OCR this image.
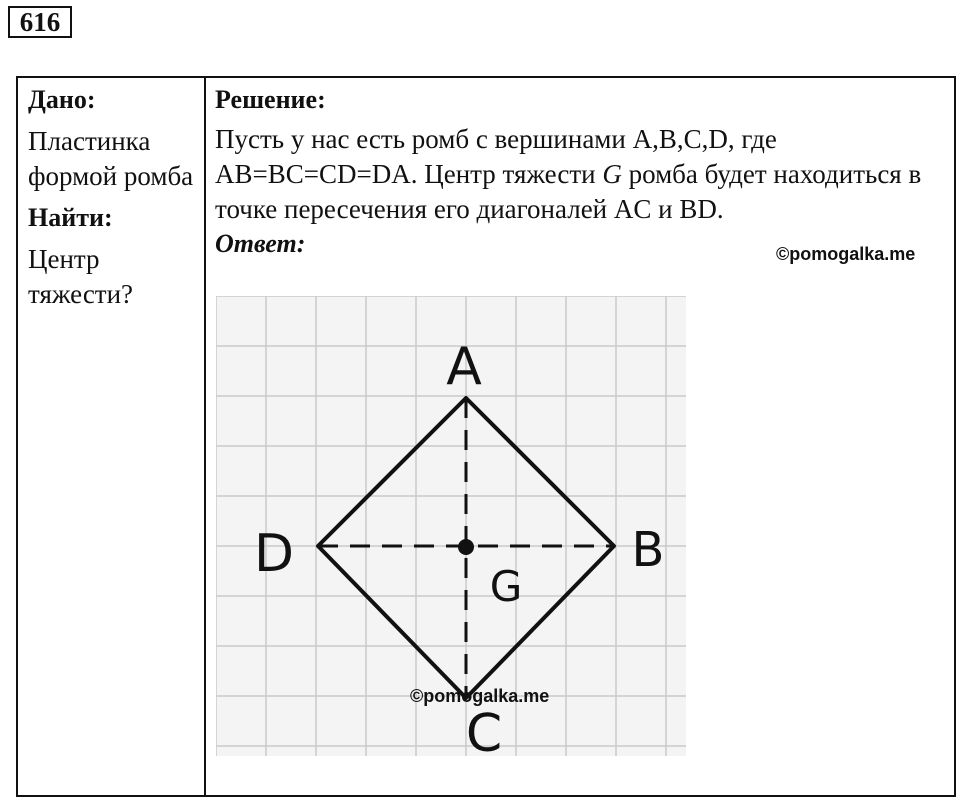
616
Дано:
Пластинка формой ромба
Найти:
Центр тяжести?
Решение:
Пусть у нас есть ромб с вершинами A,B,C,D, где AB=BC=CD=DA. Центр тяжести G ромба будет находиться в точке пересечения его диагоналей AC и BD.
Ответ:
A
B
C
D
G
©pomogalka.me
©pomogalka.me
